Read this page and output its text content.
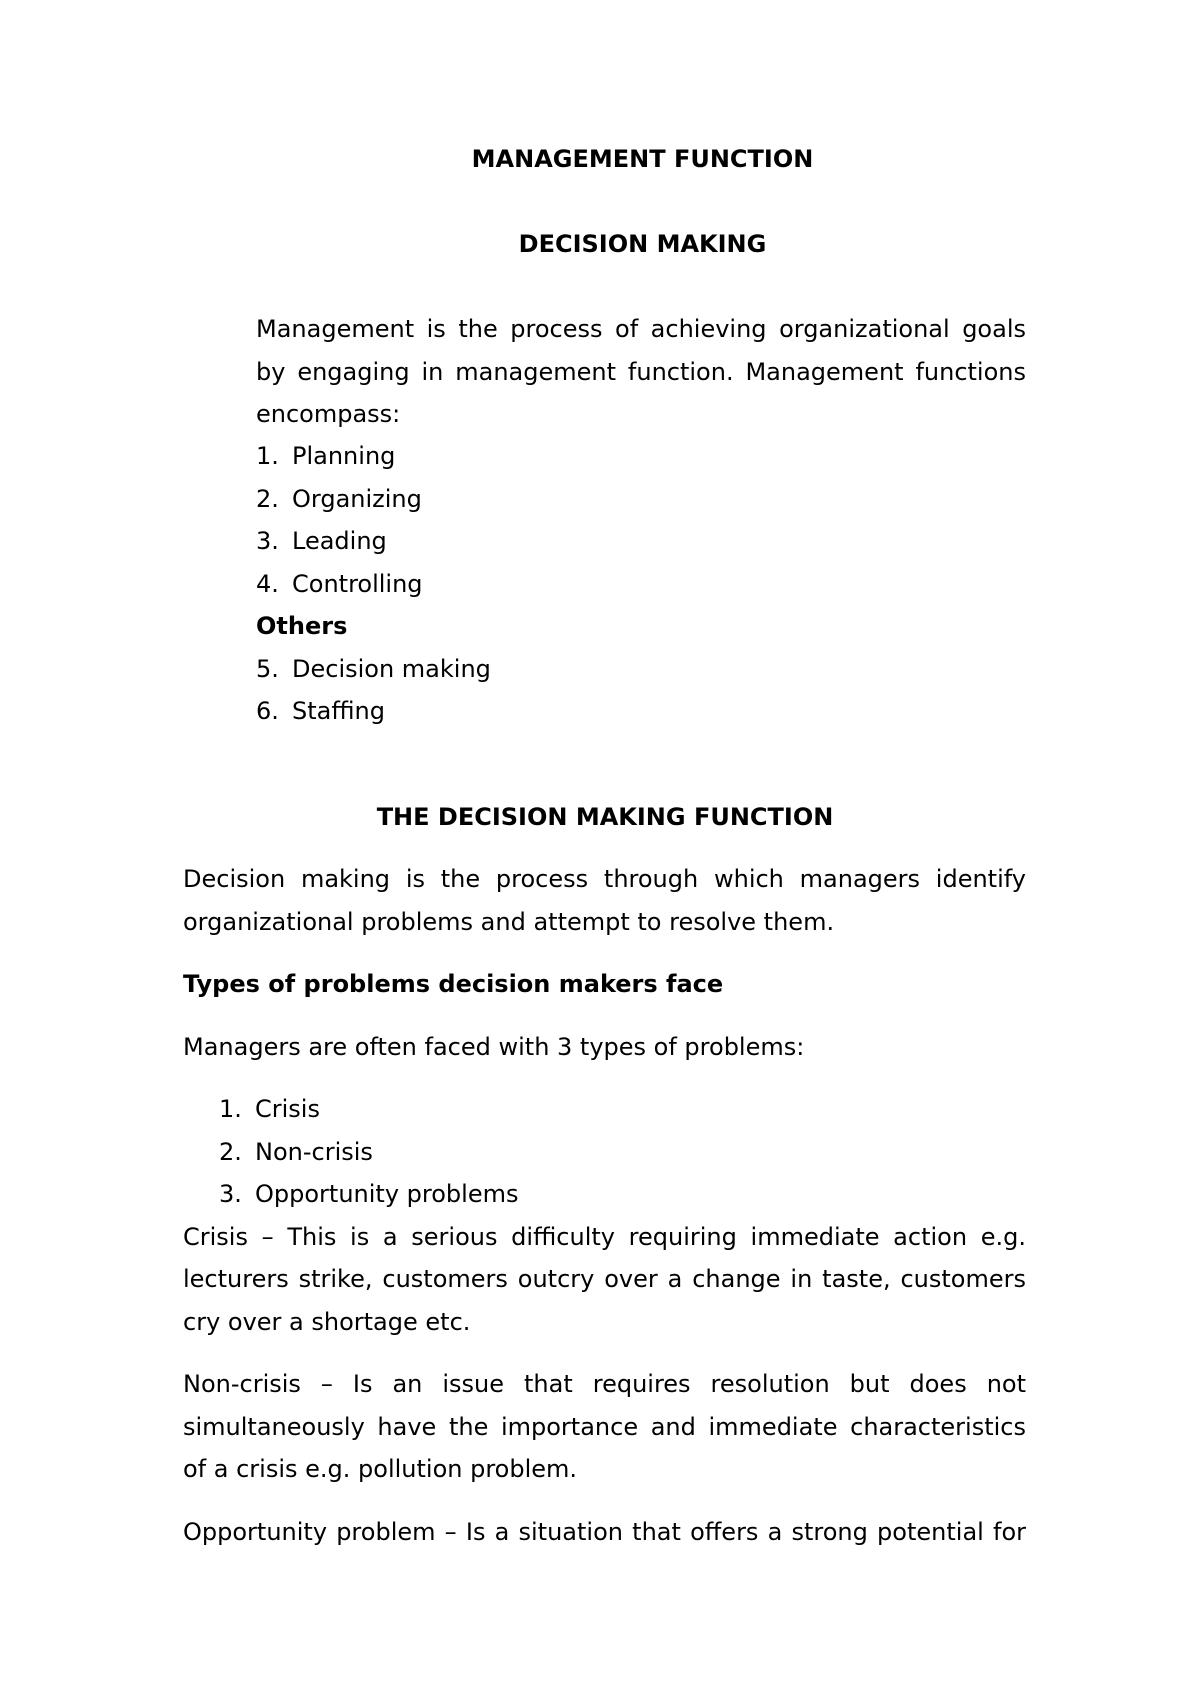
MANAGEMENT FUNCTION
DECISION MAKING
Management is the process of achieving organizational goals
by engaging in management function. Management functions
encompass:
1. Planning
2. Organizing
3. Leading
4. Controlling
Others
5. Decision making
6. Staffing
THE DECISION MAKING FUNCTION
Decision making is the process through which managers identify
organizational problems and attempt to resolve them.
Types of problems decision makers face
Managers are often faced with 3 types of problems:
1. Crisis
2. Non-crisis
3. Opportunity problems
Crisis – This is a serious difficulty requiring immediate action e.g.
lecturers strike, customers outcry over a change in taste, customers
cry over a shortage etc.
Non-crisis – Is an issue that requires resolution but does not
simultaneously have the importance and immediate characteristics
of a crisis e.g. pollution problem.
Opportunity problem – Is a situation that offers a strong potential for
